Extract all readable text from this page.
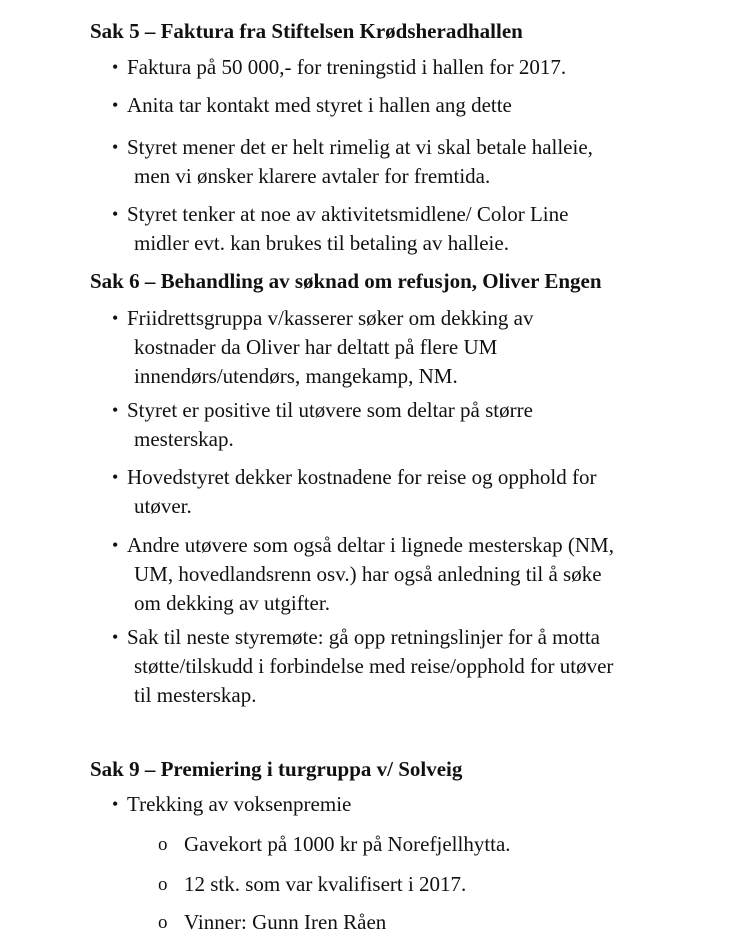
Sak 5 – Faktura fra Stiftelsen Krødsheradhallen
• Faktura på 50 000,- for treningstid i hallen for 2017.
• Anita tar kontakt med styret i hallen ang dette
• Styret mener det er helt rimelig at vi skal betale halleie,
men vi ønsker klarere avtaler for fremtida.
• Styret tenker at noe av aktivitetsmidlene/ Color Line
midler evt. kan brukes til betaling av halleie.
Sak 6 – Behandling av søknad om refusjon, Oliver Engen
• Friidrettsgruppa v/kasserer søker om dekking av
kostnader da Oliver har deltatt på flere UM
innendørs/utendørs, mangekamp, NM.
• Styret er positive til utøvere som deltar på større
mesterskap.
• Hovedstyret dekker kostnadene for reise og opphold for
utøver.
• Andre utøvere som også deltar i lignede mesterskap (NM,
UM, hovedlandsrenn osv.) har også anledning til å søke
om dekking av utgifter.
• Sak til neste styremøte: gå opp retningslinjer for å motta
støtte/tilskudd i forbindelse med reise/opphold for utøver
til mesterskap.
Sak 9 – Premiering i turgruppa v/ Solveig
• Trekking av voksenpremie
o Gavekort på 1000 kr på Norefjellhytta.
o 12 stk. som var kvalifisert i 2017.
o Vinner: Gunn Iren Råen
